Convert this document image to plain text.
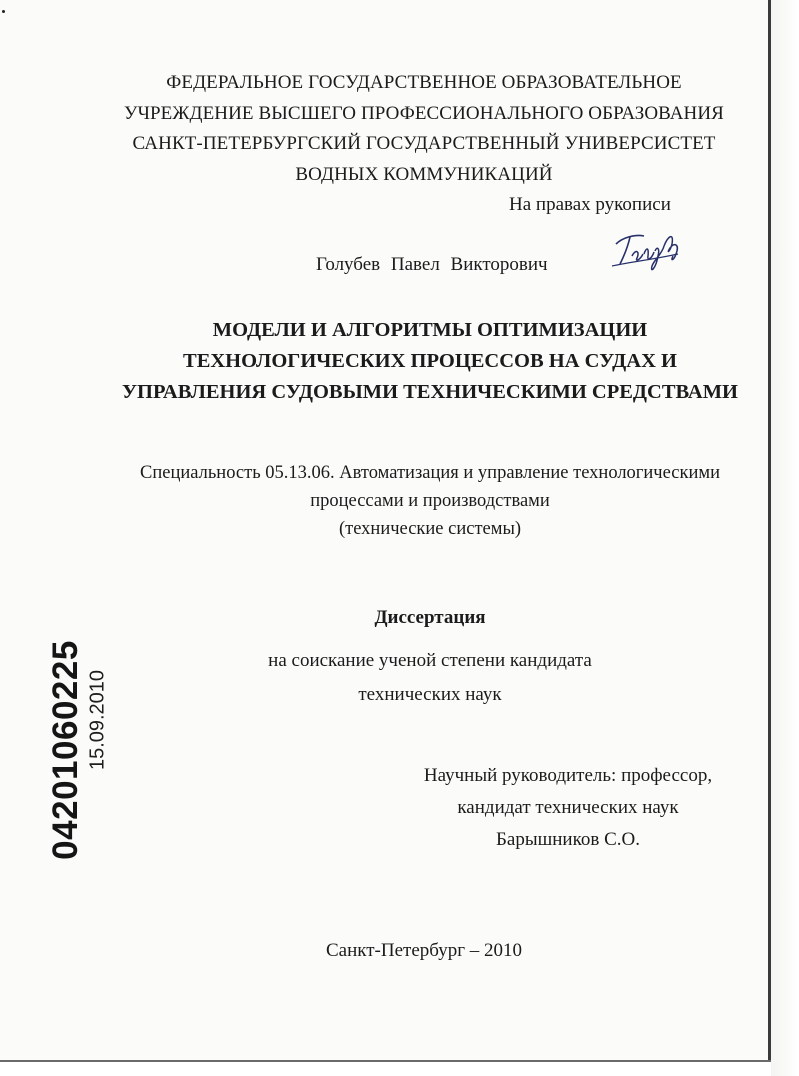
ФЕДЕРАЛЬНОЕ ГОСУДАРСТВЕННОЕ ОБРАЗОВАТЕЛЬНОЕ
УЧРЕЖДЕНИЕ ВЫСШЕГО ПРОФЕССИОНАЛЬНОГО ОБРАЗОВАНИЯ
САНКТ-ПЕТЕРБУРГСКИЙ ГОСУДАРСТВЕННЫЙ УНИВЕРСИСТЕТ
ВОДНЫХ КОММУНИКАЦИЙ
На правах рукописи
Голубев Павел Викторович
МОДЕЛИ И АЛГОРИТМЫ ОПТИМИЗАЦИИ
ТЕХНОЛОГИЧЕСКИХ ПРОЦЕССОВ НА СУДАХ И
УПРАВЛЕНИЯ СУДОВЫМИ ТЕХНИЧЕСКИМИ СРЕДСТВАМИ
Специальность 05.13.06. Автоматизация и управление технологическими
процессами и производствами
(технические системы)
Диссертация
на соискание ученой степени кандидата
технических наук
Научный руководитель: профессор,
кандидат технических наук
Барышников С.О.
Санкт-Петербург – 2010
04201060225 15.09.2010
